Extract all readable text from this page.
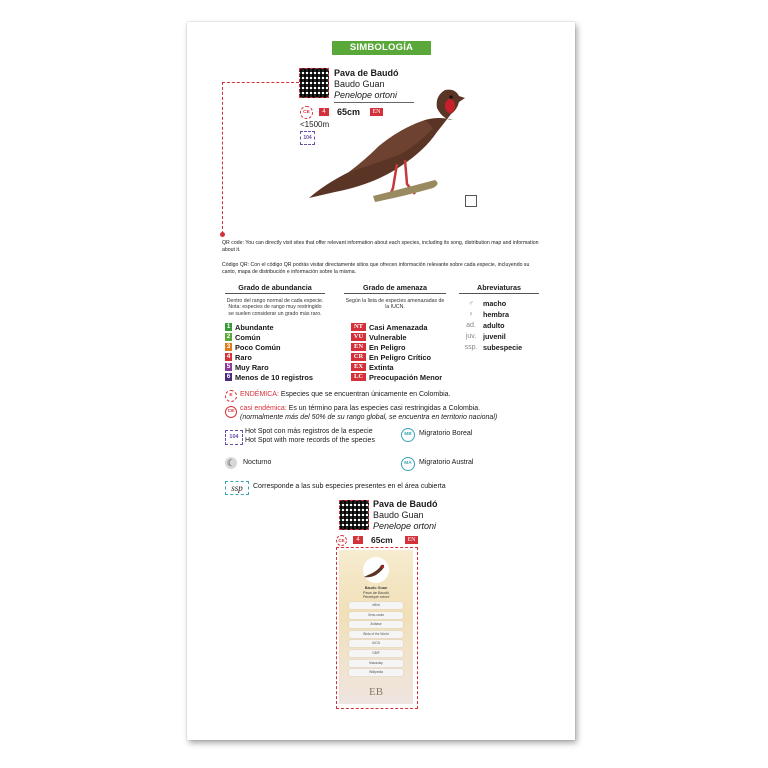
SIMBOLOGÍA
Pava de Baudó
Baudo Guan
Penelope ortoni
CE	4	65cm	EN
<1500m
104
QR code: You can directly visit sites that offer relevant information about each species, including its song, distribution map and information about it.
Código QR: Con el código QR podrás visitar directamente sitios que ofrecen información relevante sobre cada especie, incluyendo su canto, mapa de distribución e información sobre la misma.
Grado de abundancia
Dentro del rango normal de cada especie. Nota: especies de rango muy restringido se suelen considerar un grado más raro.
1 Abundante
2 Común
3 Poco Común
4 Raro
5 Muy Raro
6 Menos de 10 registros
Grado de amenaza
Según la lista de especies amenazadas de la IUCN.
NT Casi Amenazada
VU Vulnerable
EN En Peligro
CR En Peligro Crítico
EX Extinta
LC Preocupación Menor
Abreviaturas
♂	macho
♀	hembra
ad. adulto
juv. juvenil
ssp. subespecie
E	ENDÉMICA: Especies que se encuentran únicamente en Colombia.
CE casi endémica: Es un término para las especies casi restringidas a Colombia.
(normalmente más del 50% de su rango global, se encuentra en territorio nacional)
104
Hot Spot con más registros de la especie
Hot Spot with more records of the species
MB	Migratorio Boreal
☾ Nocturno	MA	Migratorio Austral
ssp	Corresponde a las sub especies presentes en el área cubierta
Pava de Baudó
Baudo Guan
Penelope ortoni
CE	4	65cm	EN
Baudo Guan
Pava de Baudó
Penelope ortoni
eBird
Xeno-canto
Avibase
Birds of the World
IUCN
GBIF
Macaulay
Wikipedia
EB
